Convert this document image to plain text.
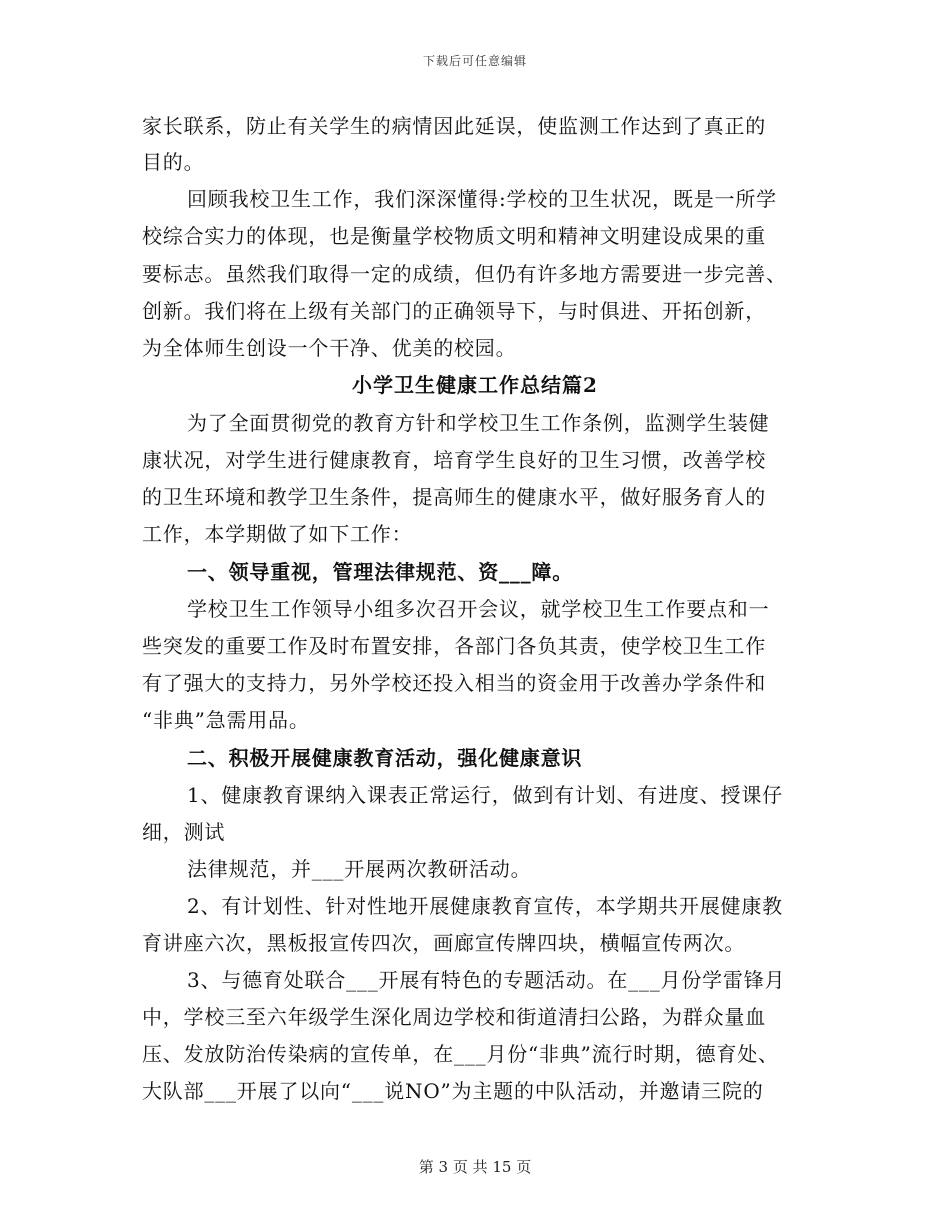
下载后可任意编辑
家长联系，防止有关学生的病情因此延误，使监测工作达到了真正的
目的。
回顾我校卫生工作，我们深深懂得:学校的卫生状况，既是一所学
校综合实力的体现，也是衡量学校物质文明和精神文明建设成果的重
要标志。虽然我们取得一定的成绩，但仍有许多地方需要进一步完善、
创新。我们将在上级有关部门的正确领导下，与时俱进、开拓创新，
为全体师生创设一个干净、优美的校园。
小学卫生健康工作总结篇2
为了全面贯彻党的教育方针和学校卫生工作条例，监测学生装健
康状况，对学生进行健康教育，培育学生良好的卫生习惯，改善学校
的卫生环境和教学卫生条件，提高师生的健康水平，做好服务育人的
工作，本学期做了如下工作：
一、领导重视，管理法律规范、资___障。
学校卫生工作领导小组多次召开会议，就学校卫生工作要点和一
些突发的重要工作及时布置安排，各部门各负其责，使学校卫生工作
有了强大的支持力，另外学校还投入相当的资金用于改善办学条件和
“非典”急需用品。
二、积极开展健康教育活动，强化健康意识
1、健康教育课纳入课表正常运行，做到有计划、有进度、授课仔
细，测试
法律规范，并___开展两次教研活动。
2、有计划性、针对性地开展健康教育宣传，本学期共开展健康教
育讲座六次，黑板报宣传四次，画廊宣传牌四块，横幅宣传两次。
3、与德育处联合___开展有特色的专题活动。在___月份学雷锋月
中，学校三至六年级学生深化周边学校和街道清扫公路，为群众量血
压、发放防治传染病的宣传单，在___月份“非典”流行时期，德育处、
大队部___开展了以向“___说NO”为主题的中队活动，并邀请三院的
第 3 页 共 15 页
